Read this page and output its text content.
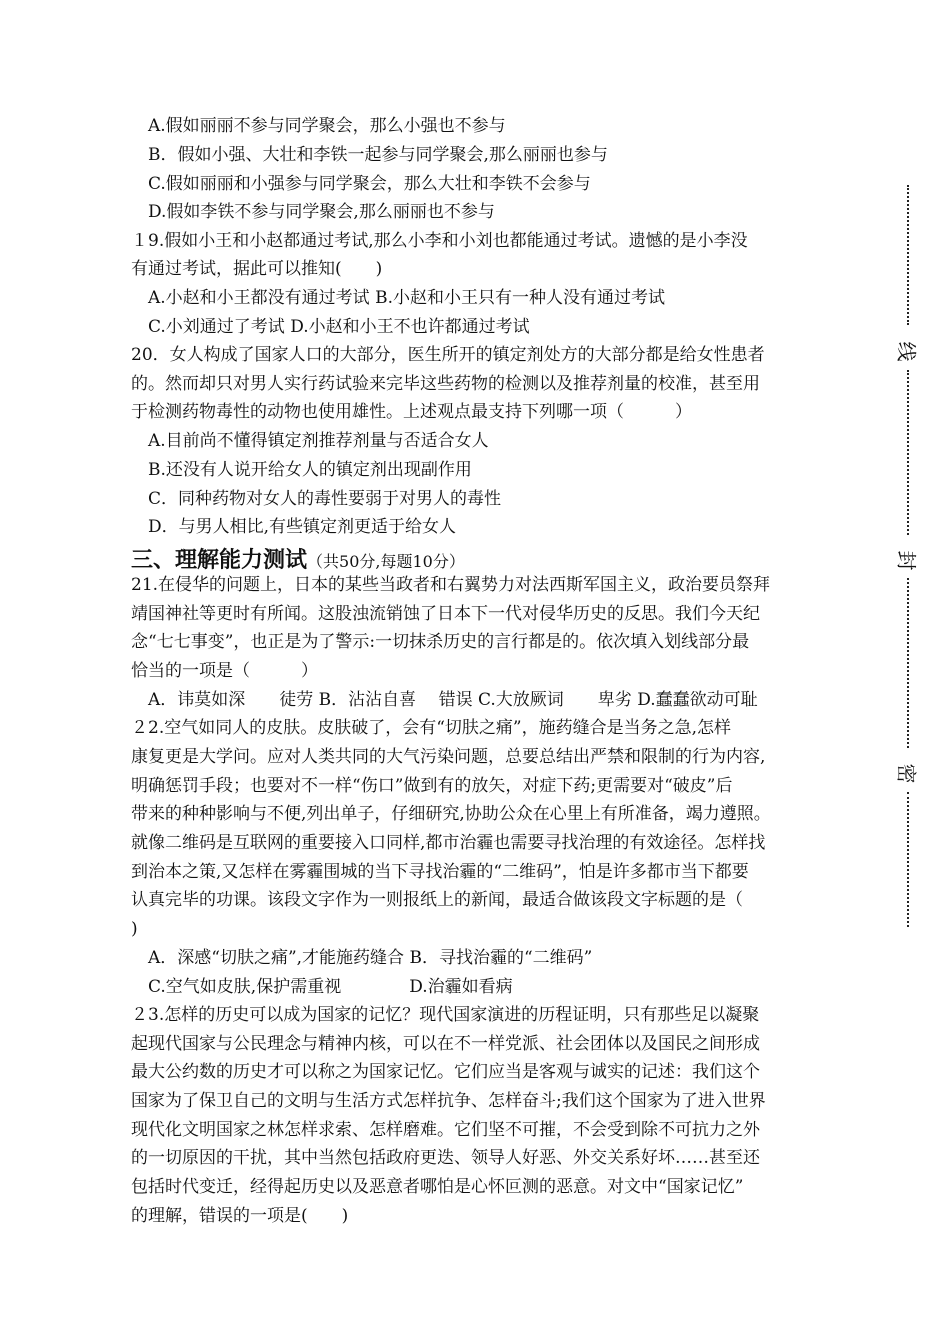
A.假如丽丽不参与同学聚会，那么小强也不参与
B．假如小强、大壮和李铁一起参与同学聚会,那么丽丽也参与
C.假如丽丽和小强参与同学聚会，那么大壮和李铁不会参与
D.假如李铁不参与同学聚会,那么丽丽也不参与
１9.假如小王和小赵都通过考试,那么小李和小刘也都能通过考试。遗憾的是小李没
有通过考试，据此可以推知(　　)
A.小赵和小王都没有通过考试 B.小赵和小王只有一种人没有通过考试
C.小刘通过了考试 D.小赵和小王不也许都通过考试
20．女人构成了国家人口的大部分，医生所开的镇定剂处方的大部分都是给女性患者
的。然而却只对男人实行药试验来完毕这些药物的检测以及推荐剂量的校准，甚至用
于检测药物毒性的动物也使用雄性。上述观点最支持下列哪一项（　　　）
A.目前尚不懂得镇定剂推荐剂量与否适合女人
B.还没有人说开给女人的镇定剂出现副作用
C．同种药物对女人的毒性要弱于对男人的毒性
D．与男人相比,有些镇定剂更适于给女人
三、理解能力测试（共50分,每题10分）
21.在侵华的问题上，日本的某些当政者和右翼势力对法西斯军国主义，政治要员祭拜
靖国神社等更时有所闻。这股浊流销蚀了日本下一代对侵华历史的反思。我们今天纪
念“七七事变”，也正是为了警示:一切抹杀历史的言行都是的。依次填入划线部分最
恰当的一项是（　　　）
A．讳莫如深　　徒劳 B．沾沾自喜　 错误 C.大放厥词　　卑劣 D.蠢蠢欲动可耻
２2.空气如同人的皮肤。皮肤破了，会有“切肤之痛”，施药缝合是当务之急,怎样
康复更是大学问。应对人类共同的大气污染问题，总要总结出严禁和限制的行为内容,
明确惩罚手段；也要对不一样“伤口”做到有的放矢，对症下药;更需要对“破皮”后
带来的种种影响与不便,列出单子，仔细研究,协助公众在心里上有所准备，竭力遵照。
就像二维码是互联网的重要接入口同样,都市治霾也需要寻找治理的有效途径。怎样找
到治本之策,又怎样在雾霾围城的当下寻找治霾的“二维码”，怕是许多都市当下都要
认真完毕的功课。该段文字作为一则报纸上的新闻，最适合做该段文字标题的是（
)
A．深感“切肤之痛”,才能施药缝合 B．寻找治霾的“二维码”
C.空气如皮肤,保护需重视　　　　D.治霾如看病
２3.怎样的历史可以成为国家的记忆？现代国家演进的历程证明，只有那些足以凝聚
起现代国家与公民理念与精神内核，可以在不一样党派、社会团体以及国民之间形成
最大公约数的历史才可以称之为国家记忆。它们应当是客观与诚实的记述：我们这个
国家为了保卫自己的文明与生活方式怎样抗争、怎样奋斗;我们这个国家为了进入世界
现代化文明国家之林怎样求索、怎样磨难。它们坚不可摧，不会受到除不可抗力之外
的一切原因的干扰，其中当然包括政府更迭、领导人好恶、外交关系好坏……甚至还
包括时代变迁，经得起历史以及恶意者哪怕是心怀叵测的恶意。对文中“国家记忆”
的理解，错误的一项是(　　)
线
封
密
